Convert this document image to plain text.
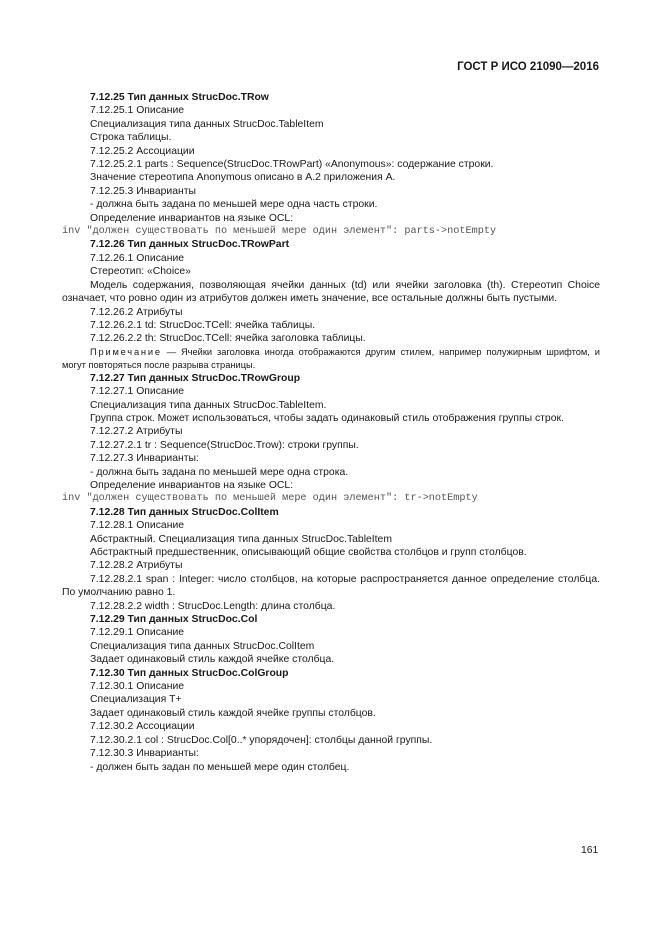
ГОСТ Р ИСО 21090—2016

7.12.25 Тип данных StrucDoc.TRow

7.12.25.1 Описание

Специализация типа данных StrucDoc.TableItem

Строка таблицы.

7.12.25.2 Ассоциации

7.12.25.2.1 parts : Sequence(StrucDoc.TRowPart) «Anonymous»: содержание строки.

Значение стереотипа Anonymous описано в А.2 приложения А.

7.12.25.3 Инварианты

- должна быть задана по меньшей мере одна часть строки.

Определение инвариантов на языке OCL:

inv "должен существовать по меньшей мере один элемент": parts->notEmpty

7.12.26 Тип данных StrucDoc.TRowPart

7.12.26.1 Описание

Стереотип: «Choice»

Модель содержания, позволяющая ячейки данных (td) или ячейки заголовка (th). Стереотип Choice означает, что ровно один из атрибутов должен иметь значение, все остальные должны быть пустыми.

7.12.26.2 Атрибуты

7.12.26.2.1 td: StrucDoc.TCell: ячейка таблицы.

7.12.26.2.2 th: StrucDoc.TCell: ячейка заголовка таблицы.

Примечание — Ячейки заголовка иногда отображаются другим стилем, например полужирным шрифтом, и могут повторяться после разрыва страницы.

7.12.27 Тип данных StrucDoc.TRowGroup

7.12.27.1 Описание

Специализация типа данных StrucDoc.TableItem.

Группа строк. Может использоваться, чтобы задать одинаковый стиль отображения группы строк.

7.12.27.2 Атрибуты

7.12.27.2.1 tr : Sequence(StrucDoc.Trow): строки группы.

7.12.27.3 Инварианты:

- должна быть задана по меньшей мере одна строка.

Определение инвариантов на языке OCL:

inv "должен существовать по меньшей мере один элемент": tr->notEmpty

7.12.28 Тип данных StrucDoc.ColItem

7.12.28.1 Описание

Абстрактный. Специализация типа данных StrucDoc.TableItem

Абстрактный предшественник, описывающий общие свойства столбцов и групп столбцов.

7.12.28.2 Атрибуты

7.12.28.2.1 span : Integer: число столбцов, на которые распространяется данное определение столбца. По умолчанию равно 1.

7.12.28.2.2 width : StrucDoc.Length: длина столбца.

7.12.29 Тип данных StrucDoc.Col

7.12.29.1 Описание

Специализация типа данных StrucDoc.ColItem

Задает одинаковый стиль каждой ячейке столбца.

7.12.30 Тип данных StrucDoc.ColGroup

7.12.30.1 Описание

Специализация T+

Задает одинаковый стиль каждой ячейке группы столбцов.

7.12.30.2 Ассоциации

7.12.30.2.1 col : StrucDoc.Col[0..* упорядочен]: столбцы данной группы.

7.12.30.3 Инварианты:

- должен быть задан по меньшей мере один столбец.

161
